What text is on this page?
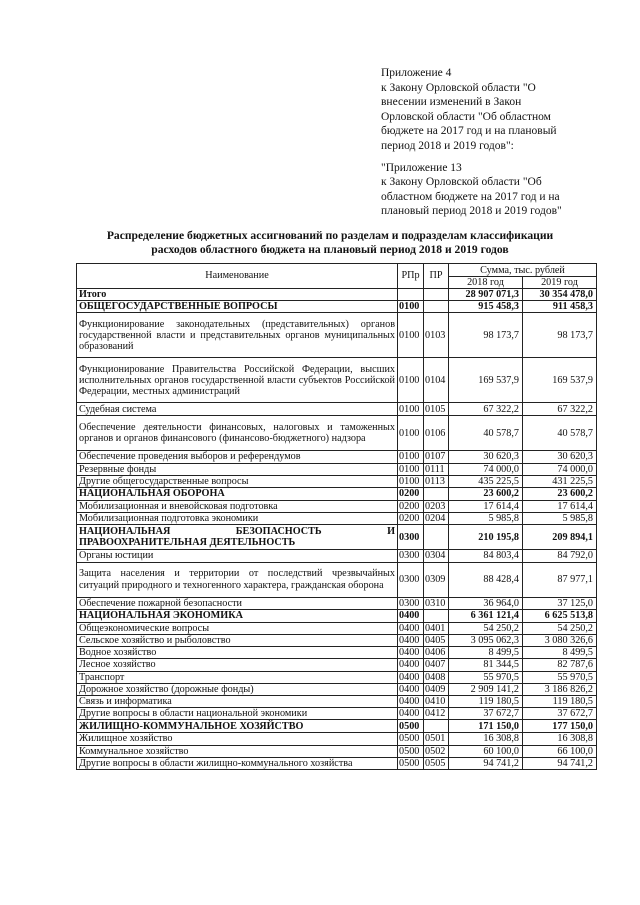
Приложение 4
к Закону Орловской области "О
внесении изменений в Закон
Орловской области "Об областном
бюджете на 2017 год и на плановый
период 2018 и 2019 годов":

"Приложение 13
к Закону Орловской области "Об
областном бюджете на 2017 год и на
плановый период 2018 и 2019 годов"

Распределение бюджетных ассигнований по разделам и подразделам классификации
расходов областного бюджета на плановый период 2018 и 2019 годов
Наименование	РПр	ПР	Сумма, тыс. рублей	
			2018 год	2019 год
Итого			28 907 071,3	30 354 478,0
ОБЩЕГОСУДАРСТВЕННЫЕ ВОПРОСЫ	0100		915 458,3	911 458,3
Функционирование законодательных (представительных) органов государственной власти и представительных органов муниципальных образований	0100	0103	98 173,7	98 173,7
Функционирование Правительства Российской Федерации, высших исполнительных органов государственной власти субъектов Российской Федерации, местных администраций	0100	0104	169 537,9	169 537,9
Судебная система	0100	0105	67 322,2	67 322,2
Обеспечение деятельности финансовых, налоговых и таможенных органов и органов финансового (финансово-бюджетного) надзора	0100	0106	40 578,7	40 578,7
Обеспечение проведения выборов и референдумов	0100	0107	30 620,3	30 620,3
Резервные фонды	0100	0111	74 000,0	74 000,0
Другие общегосударственные вопросы	0100	0113	435 225,5	431 225,5
НАЦИОНАЛЬНАЯ ОБОРОНА	0200		23 600,2	23 600,2
Мобилизационная и вневойсковая подготовка	0200	0203	17 614,4	17 614,4
Мобилизационная подготовка экономики	0200	0204	5 985,8	5 985,8
НАЦИОНАЛЬНАЯ БЕЗОПАСНОСТЬ И ПРАВООХРАНИТЕЛЬНАЯ ДЕЯТЕЛЬНОСТЬ	0300		210 195,8	209 894,1
Органы юстиции	0300	0304	84 803,4	84 792,0
Защита населения и территории от последствий чрезвычайных ситуаций природного и техногенного характера, гражданская оборона	0300	0309	88 428,4	87 977,1
Обеспечение пожарной безопасности	0300	0310	36 964,0	37 125,0
НАЦИОНАЛЬНАЯ ЭКОНОМИКА	0400		6 361 121,4	6 625 513,8
Общеэкономические вопросы	0400	0401	54 250,2	54 250,2
Сельское хозяйство и рыболовство	0400	0405	3 095 062,3	3 080 326,6
Водное хозяйство	0400	0406	8 499,5	8 499,5
Лесное хозяйство	0400	0407	81 344,5	82 787,6
Транспорт	0400	0408	55 970,5	55 970,5
Дорожное хозяйство (дорожные фонды)	0400	0409	2 909 141,2	3 186 826,2
Связь и информатика	0400	0410	119 180,5	119 180,5
Другие вопросы в области национальной экономики	0400	0412	37 672,7	37 672,7
ЖИЛИЩНО-КОММУНАЛЬНОЕ ХОЗЯЙСТВО	0500		171 150,0	177 150,0
Жилищное хозяйство	0500	0501	16 308,8	16 308,8
Коммунальное хозяйство	0500	0502	60 100,0	66 100,0
Другие вопросы в области жилищно-коммунального хозяйства	0500	0505	94 741,2	94 741,2
